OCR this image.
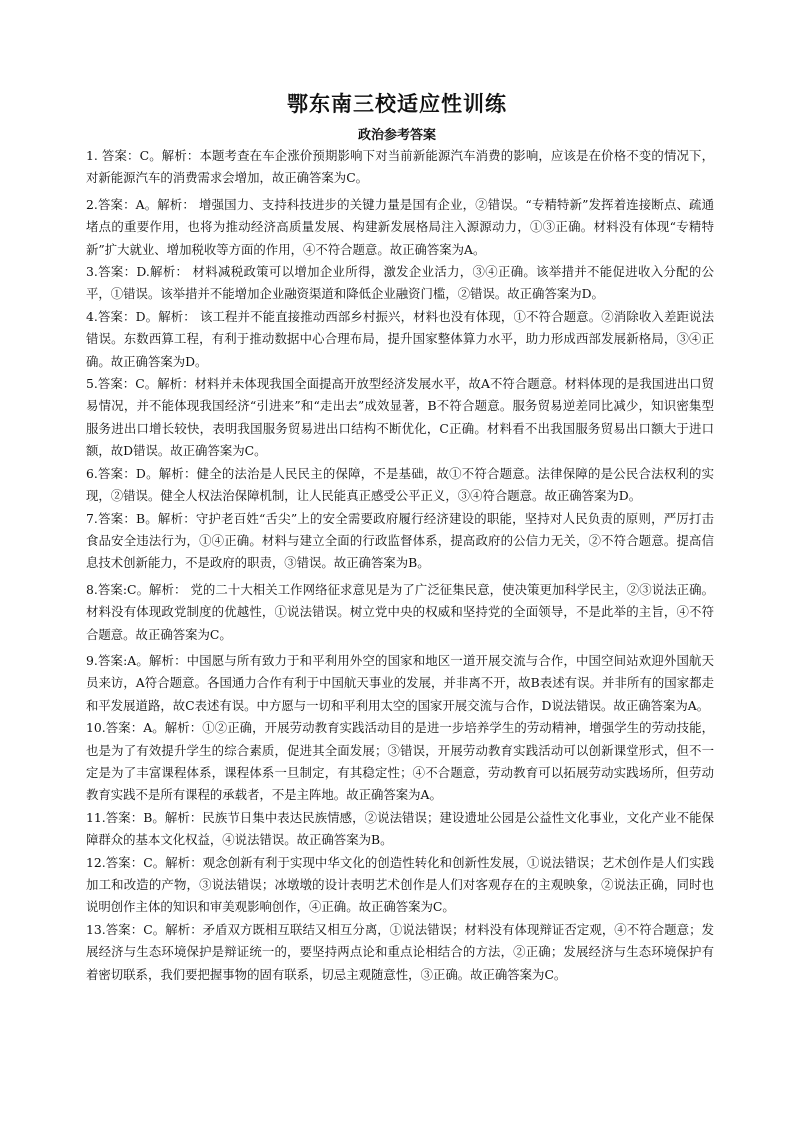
鄂东南三校适应性训练
政治参考答案

1. 答案：C。解析：本题考查在车企涨价预期影响下对当前新能源汽车消费的影响，应该是在价格不变的情况下，对新能源汽车的消费需求会增加，故正确答案为C。

2.答案：A。解析： 增强国力、支持科技进步的关键力量是国有企业，②错误。“专精特新”发挥着连接断点、疏通堵点的重要作用，也将为推动经济高质量发展、构建新发展格局注入源源动力，①③正确。材料没有体现“专精特新”扩大就业、增加税收等方面的作用，④不符合题意。故正确答案为A。

3.答案：D.解析： 材料减税政策可以增加企业所得，激发企业活力，③④正确。该举措并不能促进收入分配的公平，①错误。该举措并不能增加企业融资渠道和降低企业融资门槛，②错误。故正确答案为D。

4.答案：D。解析： 该工程并不能直接推动西部乡村振兴，材料也没有体现，①不符合题意。②消除收入差距说法错误。东数西算工程，有利于推动数据中心合理布局，提升国家整体算力水平，助力形成西部发展新格局，③④正确。故正确答案为D。

5.答案：C。解析：材料并未体现我国全面提高开放型经济发展水平，故A不符合题意。材料体现的是我国进出口贸易情况，并不能体现我国经济“引进来”和“走出去”成效显著，B不符合题意。服务贸易逆差同比减少，知识密集型服务进出口增长较快，表明我国服务贸易进出口结构不断优化，C正确。材料看不出我国服务贸易出口额大于进口额，故D错误。故正确答案为C。

6.答案：D。解析：健全的法治是人民民主的保障，不是基础，故①不符合题意。法律保障的是公民合法权利的实现，②错误。健全人权法治保障机制，让人民能真正感受公平正义，③④符合题意。故正确答案为D。

7.答案：B。解析：守护老百姓“舌尖”上的安全需要政府履行经济建设的职能，坚持对人民负责的原则，严厉打击食品安全违法行为，①④正确。材料与建立全面的行政监督体系，提高政府的公信力无关，②不符合题意。提高信息技术创新能力，不是政府的职责，③错误。故正确答案为B。

8.答案:C。解析： 党的二十大相关工作网络征求意见是为了广泛征集民意，使决策更加科学民主，②③说法正确。材料没有体现政党制度的优越性，①说法错误。树立党中央的权威和坚持党的全面领导，不是此举的主旨，④不符合题意。故正确答案为C。

9.答案:A。解析：中国愿与所有致力于和平利用外空的国家和地区一道开展交流与合作，中国空间站欢迎外国航天员来访，A符合题意。各国通力合作有利于中国航天事业的发展，并非离不开，故B表述有误。并非所有的国家都走和平发展道路，故C表述有误。中方愿与一切和平利用太空的国家开展交流与合作，D说法错误。故正确答案为A。

10.答案：A。解析：①②正确，开展劳动教育实践活动目的是进一步培养学生的劳动精神，增强学生的劳动技能，也是为了有效提升学生的综合素质，促进其全面发展；③错误，开展劳动教育实践活动可以创新课堂形式，但不一定是为了丰富课程体系，课程体系一旦制定，有其稳定性；④不合题意，劳动教育可以拓展劳动实践场所，但劳动教育实践不是所有课程的承载者，不是主阵地。故正确答案为A。

11.答案：B。解析：民族节日集中表达民族情感，②说法错误；建设遗址公园是公益性文化事业，文化产业不能保障群众的基本文化权益，④说法错误。故正确答案为B。

12.答案：C。解析：观念创新有利于实现中华文化的创造性转化和创新性发展，①说法错误；艺术创作是人们实践加工和改造的产物，③说法错误；冰墩墩的设计表明艺术创作是人们对客观存在的主观映象，②说法正确，同时也说明创作主体的知识和审美观影响创作，④正确。故正确答案为C。

13.答案：C。解析：矛盾双方既相互联结又相互分离，①说法错误；材料没有体现辩证否定观，④不符合题意；发展经济与生态环境保护是辩证统一的，要坚持两点论和重点论相结合的方法，②正确；发展经济与生态环境保护有着密切联系，我们要把握事物的固有联系，切忌主观随意性，③正确。故正确答案为C。
